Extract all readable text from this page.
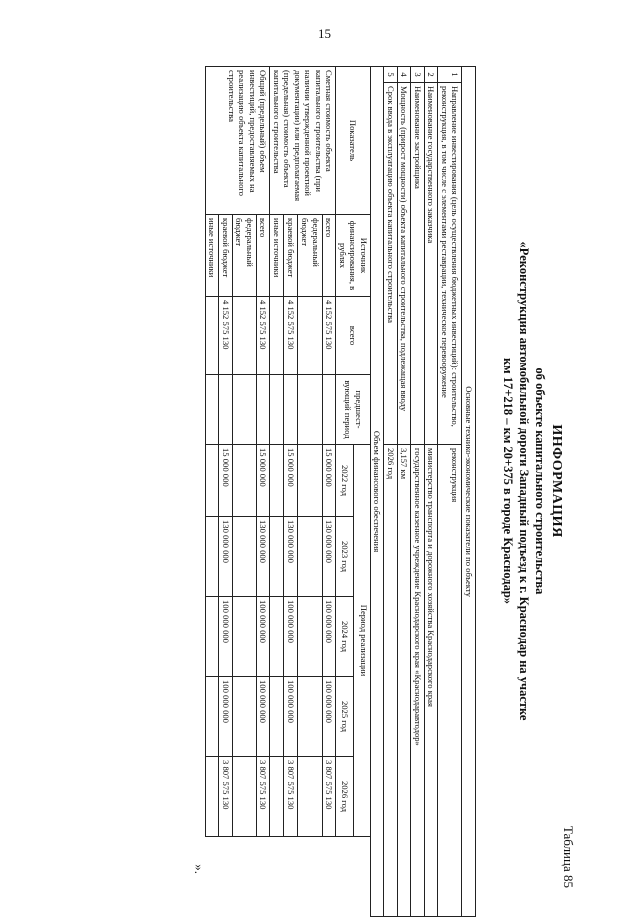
15
Таблица 85
ИНФОРМАЦИЯ
об объекте капитального строительства
«Реконструкция автомобильной дороги Западный подъезд к г. Краснодар на участке
км 17+218 – км 20+375 в городе Краснодар»
Основные технико-экономические показатели по объекту										
1	Направление инвестирования (цель осуществления бюджетных инвестиций): строительство, реконструкция, в том числе с элементами реставрации, техническое перевооружение				реконструкция					
2	Наименование государственного заказчика				министерство транспорта и дорожного хозяйства Краснодарского края					
3	Наименование застройщика				государственное казенное учреждение Краснодарского края «Краснодаравтодор»					
4	Мощность (прирост мощности) объекта капитального строительства, подлежащая вводу				3,157 км					
5	Срок ввода в эксплуатацию объекта капитального строительства				2026 год					
Объем финансового обеспечения										
Показатель		Источник финансирования, в рублях	всего	предшест-вующий период	Период реализации					
					2022 год	2023 год	2024 год	2025 год	2026 год	
Сметная стоимость объекта капитального строительства (при наличии утвержденной проектной документации) или предполагаемая (предельная) стоимость объекта капитального строительства		всего	4 152 575 130		15 000 000	130 000 000	100 000 000	100 000 000	3 807 575 130	
		федеральный бюджет								
		краевой бюджет	4 152 575 130		15 000 000	130 000 000	100 000 000	100 000 000	3 807 575 130	
		иные источники								
Общий (предельный) объем инвестиций, предоставляемых на реализацию объекта капитального строительства		всего	4 152 575 130		15 000 000	130 000 000	100 000 000	100 000 000	3 807 575 130	
		федеральный бюджет								
		краевой бюджет	4 152 575 130		15 000 000	130 000 000	100 000 000	100 000 000	3 807 575 130	
		иные источники								
».
